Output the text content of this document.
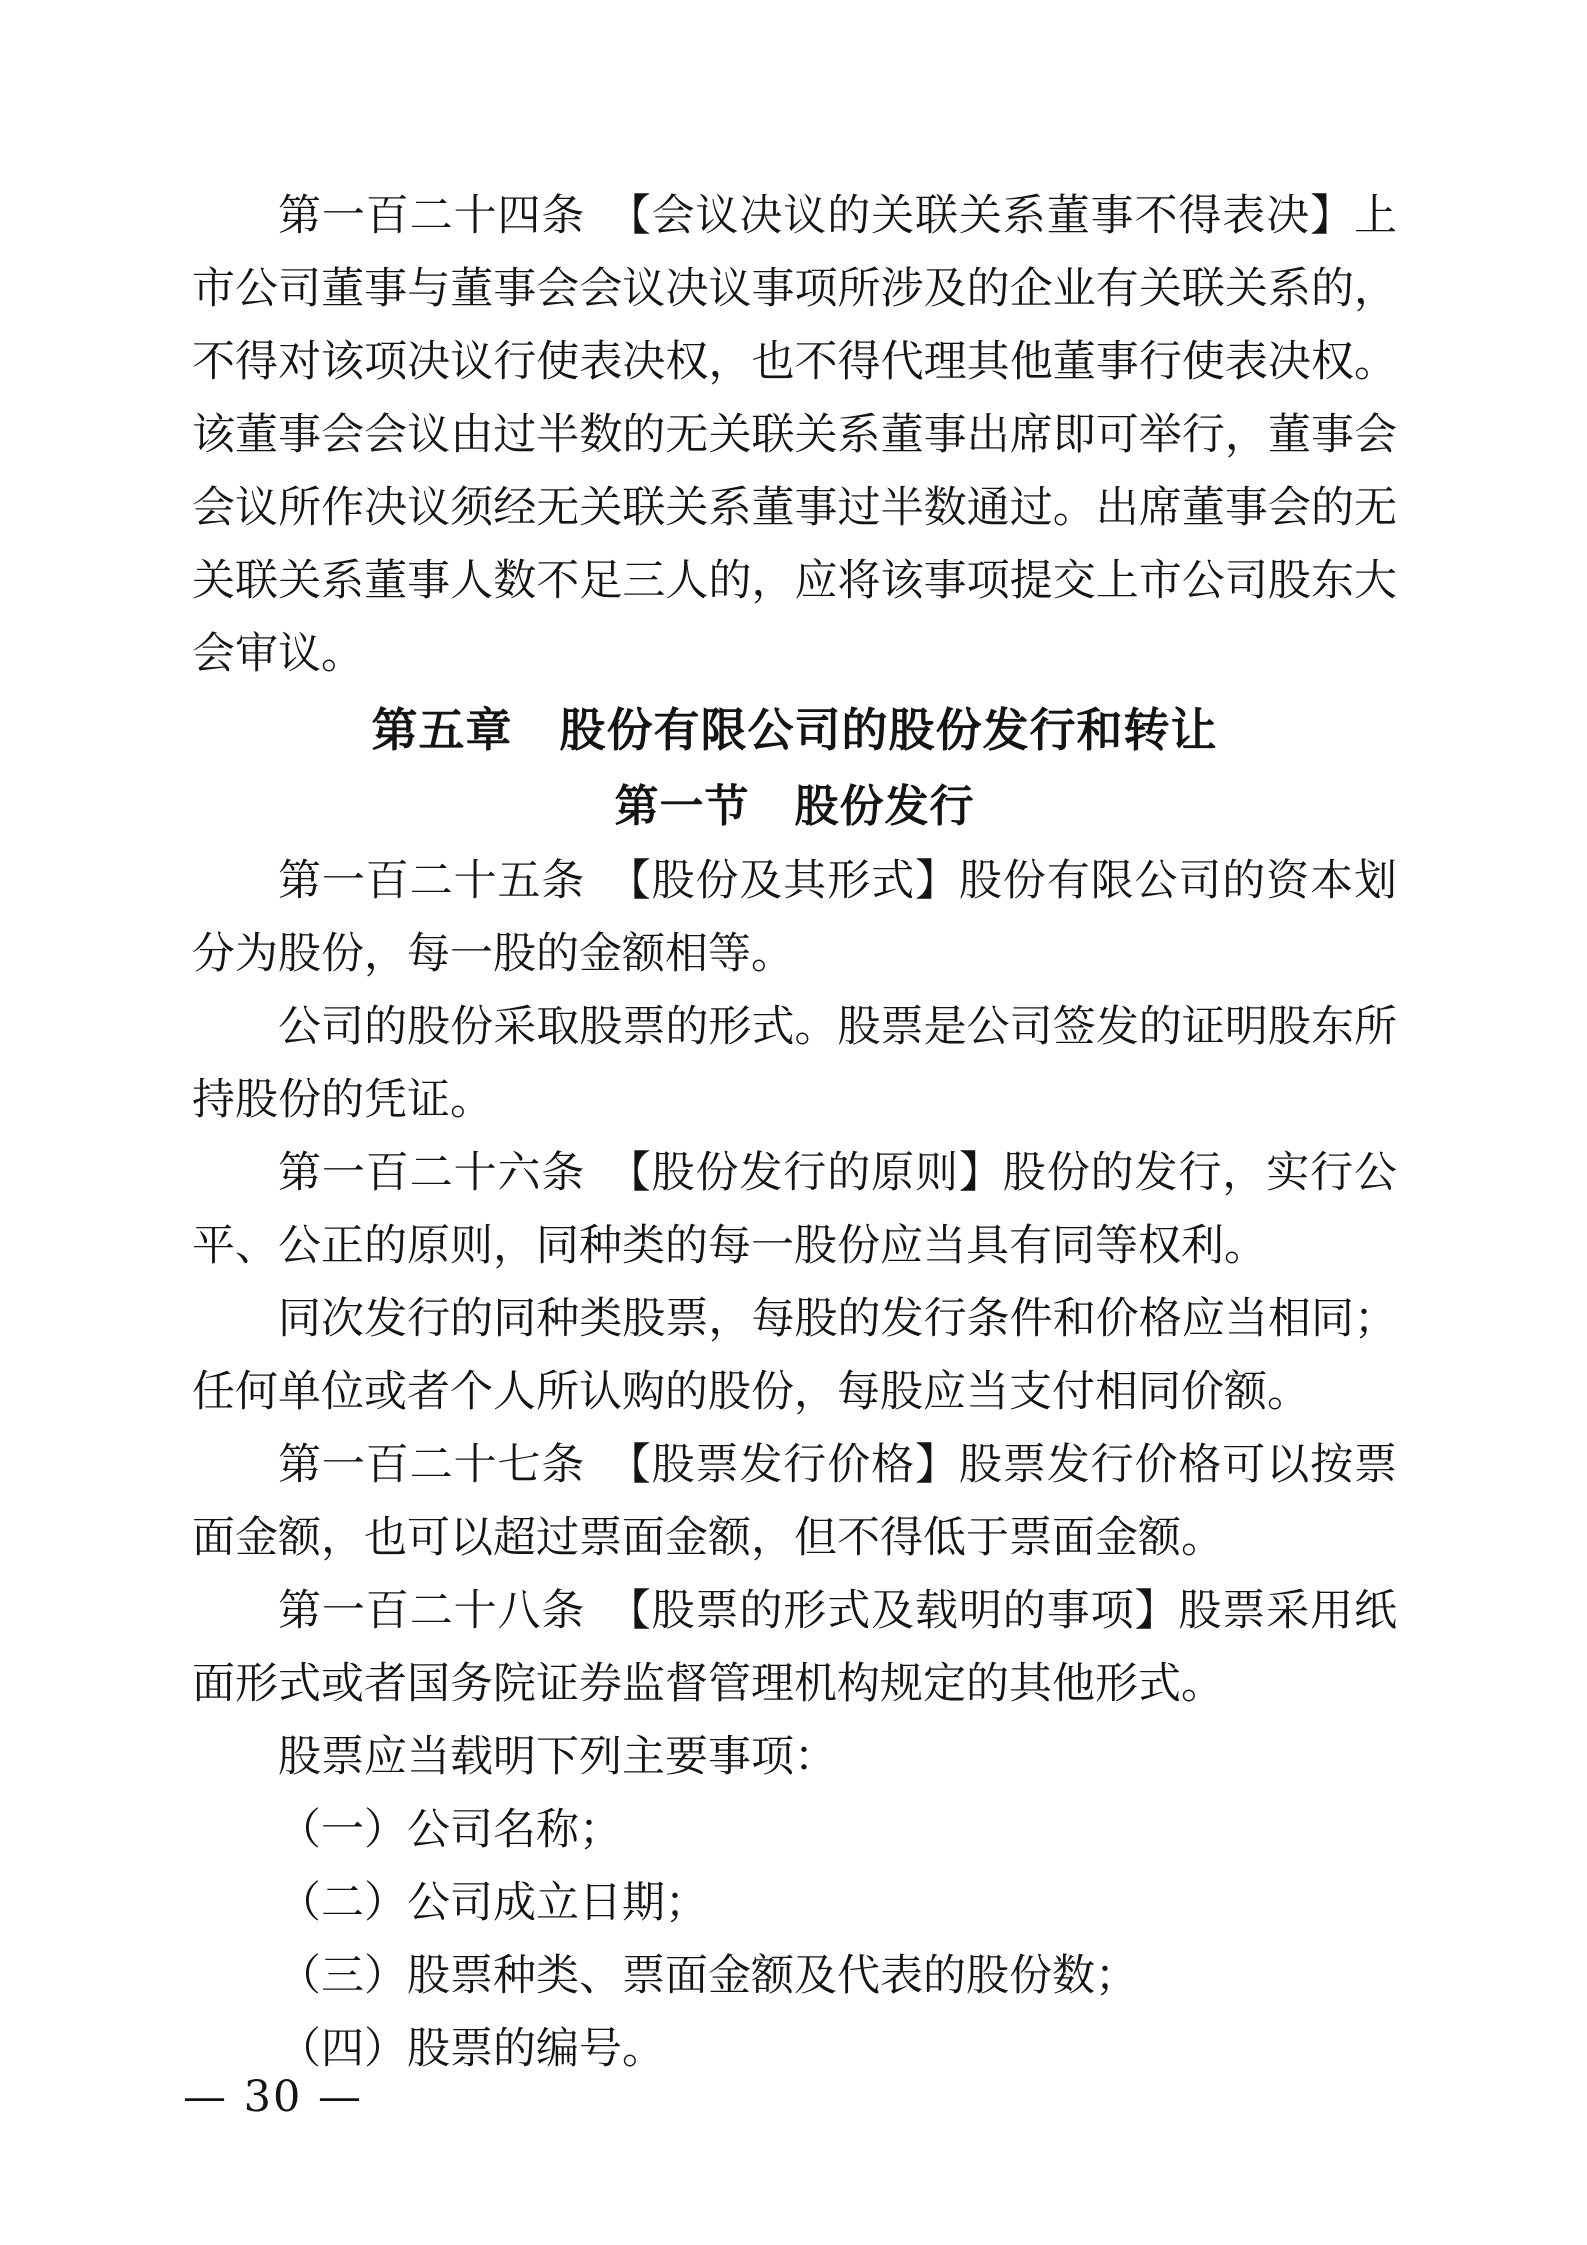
第一百二十四条　【会议决议的关联关系董事不得表决】上
市公司董事与董事会会议决议事项所涉及的企业有关联关系的，
不得对该项决议行使表决权，也不得代理其他董事行使表决权。
该董事会会议由过半数的无关联关系董事出席即可举行，董事会
会议所作决议须经无关联关系董事过半数通过。出席董事会的无
关联关系董事人数不足三人的，应将该事项提交上市公司股东大
会审议。
第五章　股份有限公司的股份发行和转让
第一节　股份发行
第一百二十五条　【股份及其形式】股份有限公司的资本划
分为股份，每一股的金额相等。
公司的股份采取股票的形式。股票是公司签发的证明股东所
持股份的凭证。
第一百二十六条　【股份发行的原则】股份的发行，实行公
平、公正的原则，同种类的每一股份应当具有同等权利。
同次发行的同种类股票，每股的发行条件和价格应当相同；
任何单位或者个人所认购的股份，每股应当支付相同价额。
第一百二十七条　【股票发行价格】股票发行价格可以按票
面金额，也可以超过票面金额，但不得低于票面金额。
第一百二十八条　【股票的形式及载明的事项】股票采用纸
面形式或者国务院证券监督管理机构规定的其他形式。
股票应当载明下列主要事项：
（一）公司名称；
（二）公司成立日期；
（三）股票种类、票面金额及代表的股份数；
（四）股票的编号。
— 30 —
